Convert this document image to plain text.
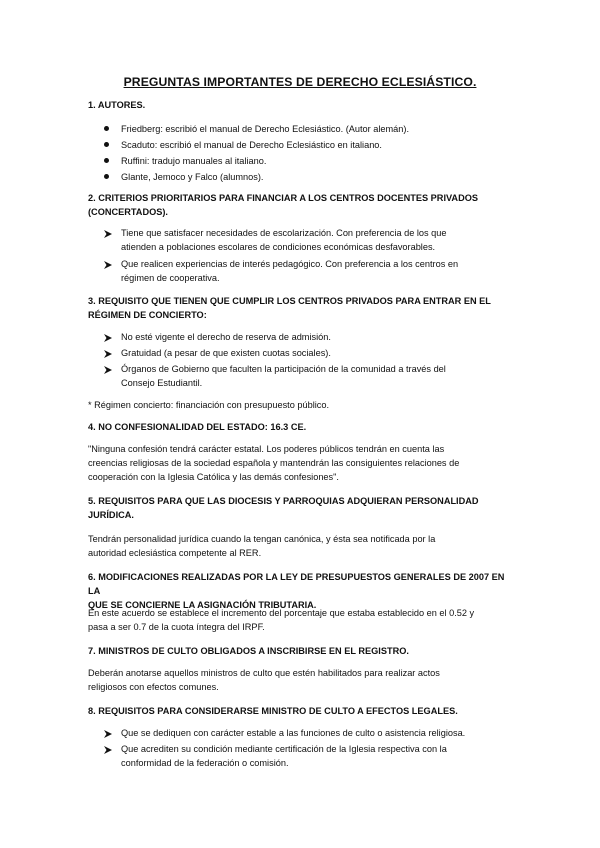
PREGUNTAS IMPORTANTES DE DERECHO ECLESIÁSTICO.
1. AUTORES.
Friedberg: escribió el manual de Derecho Eclesiástico. (Autor alemán).
Scaduto: escribió el manual de Derecho Eclesiástico en italiano.
Ruffini: tradujo manuales al italiano.
Glante, Jemoco y Falco (alumnos).
2. CRITERIOS PRIORITARIOS PARA FINANCIAR A LOS CENTROS DOCENTES PRIVADOS
(CONCERTADOS).
Tiene que satisfacer necesidades de escolarización. Con preferencia de los que
atienden a poblaciones escolares de condiciones económicas desfavorables.
Que realicen experiencias de interés pedagógico. Con preferencia a los centros en
régimen de cooperativa.
3. REQUISITO QUE TIENEN QUE CUMPLIR LOS CENTROS PRIVADOS PARA ENTRAR EN EL
RÉGIMEN DE CONCIERTO:
No esté vigente el derecho de reserva de admisión.
Gratuidad (a pesar de que existen cuotas sociales).
Órganos de Gobierno que faculten la participación de la comunidad a través del
Consejo Estudiantil.
* Régimen concierto: financiación con presupuesto público.
4. NO CONFESIONALIDAD DEL ESTADO: 16.3 CE.
"Ninguna confesión tendrá carácter estatal. Los poderes públicos tendrán en cuenta las
creencias religiosas de la sociedad española y mantendrán las consiguientes relaciones de
cooperación con la Iglesia Católica y las demás confesiones".
5. REQUISITOS PARA QUE LAS DIOCESIS Y PARROQUIAS ADQUIERAN PERSONALIDAD
JURÍDICA.
Tendrán personalidad jurídica cuando la tengan canónica, y ésta sea notificada por la
autoridad eclesiástica competente al RER.
6. MODIFICACIONES REALIZADAS POR LA LEY DE PRESUPUESTOS GENERALES DE 2007 EN LA
QUE SE CONCIERNE LA ASIGNACIÓN TRIBUTARIA.
En este acuerdo se establece el incremento del porcentaje que estaba establecido en el 0.52 y
pasa a ser 0.7 de la cuota íntegra del IRPF.
7. MINISTROS DE CULTO OBLIGADOS A INSCRIBIRSE EN EL REGISTRO.
Deberán anotarse aquellos ministros de culto que estén habilitados para realizar actos
religiosos con efectos comunes.
8. REQUISITOS PARA CONSIDERARSE MINISTRO DE CULTO A EFECTOS LEGALES.
Que se dediquen con carácter estable a las funciones de culto o asistencia religiosa.
Que acrediten su condición mediante certificación de la Iglesia respectiva con la
conformidad de la federación o comisión.
